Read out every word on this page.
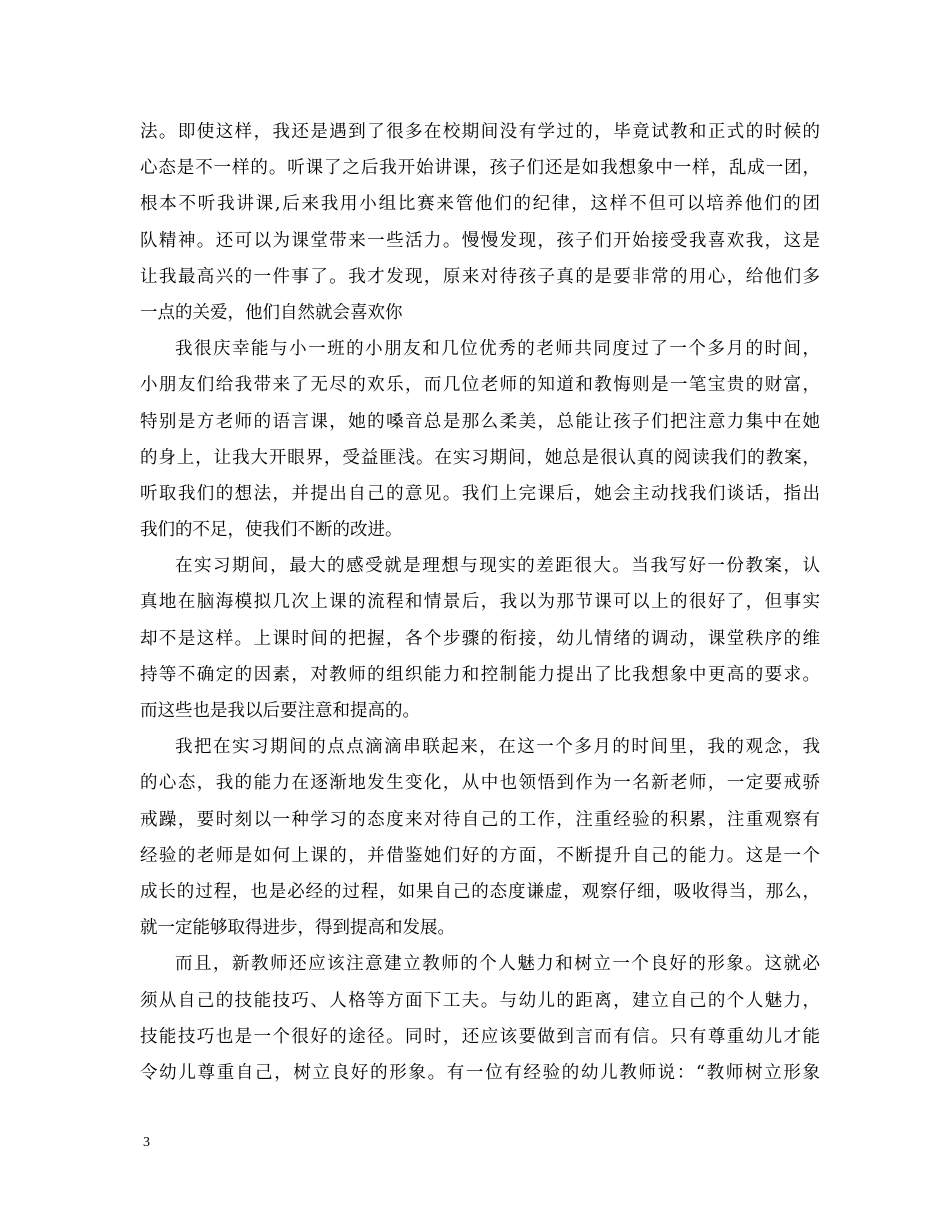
法。即使这样，我还是遇到了很多在校期间没有学过的，毕竟试教和正式的时候的
心态是不一样的。听课了之后我开始讲课，孩子们还是如我想象中一样，乱成一团，
根本不听我讲课,后来我用小组比赛来管他们的纪律，这样不但可以培养他们的团
队精神。还可以为课堂带来一些活力。慢慢发现，孩子们开始接受我喜欢我，这是
让我最高兴的一件事了。我才发现，原来对待孩子真的是要非常的用心，给他们多
一点的关爱，他们自然就会喜欢你
我很庆幸能与小一班的小朋友和几位优秀的老师共同度过了一个多月的时间，
小朋友们给我带来了无尽的欢乐，而几位老师的知道和教悔则是一笔宝贵的财富，
特别是方老师的语言课，她的嗓音总是那么柔美，总能让孩子们把注意力集中在她
的身上，让我大开眼界，受益匪浅。在实习期间，她总是很认真的阅读我们的教案，
听取我们的想法，并提出自己的意见。我们上完课后，她会主动找我们谈话，指出
我们的不足，使我们不断的改进。
在实习期间，最大的感受就是理想与现实的差距很大。当我写好一份教案，认
真地在脑海模拟几次上课的流程和情景后，我以为那节课可以上的很好了，但事实
却不是这样。上课时间的把握，各个步骤的衔接，幼儿情绪的调动，课堂秩序的维
持等不确定的因素，对教师的组织能力和控制能力提出了比我想象中更高的要求。
而这些也是我以后要注意和提高的。
我把在实习期间的点点滴滴串联起来，在这一个多月的时间里，我的观念，我
的心态，我的能力在逐渐地发生变化，从中也领悟到作为一名新老师，一定要戒骄
戒躁，要时刻以一种学习的态度来对待自己的工作，注重经验的积累，注重观察有
经验的老师是如何上课的，并借鉴她们好的方面，不断提升自己的能力。这是一个
成长的过程，也是必经的过程，如果自己的态度谦虚，观察仔细，吸收得当，那么，
就一定能够取得进步，得到提高和发展。
而且，新教师还应该注意建立教师的个人魅力和树立一个良好的形象。这就必
须从自己的技能技巧、人格等方面下工夫。与幼儿的距离，建立自己的个人魅力，
技能技巧也是一个很好的途径。同时，还应该要做到言而有信。只有尊重幼儿才能
令幼儿尊重自己，树立良好的形象。有一位有经验的幼儿教师说：“教师树立形象
3
